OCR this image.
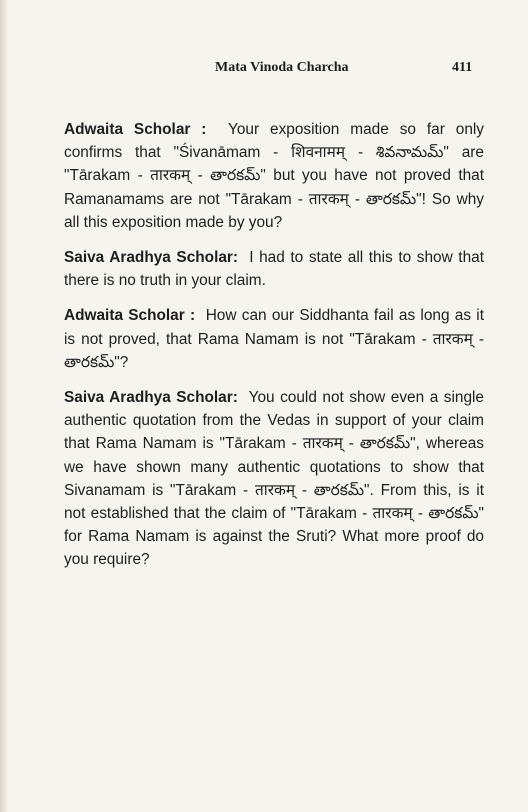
Mata Vinoda Charcha	411

Adwaita Scholar : Your exposition made so far only confirms that "Śivanāmam - शिवनामम् - శివనామమ్" are "Tārakam - तारकम् - తారకమ్" but you have not proved that Ramanamams are not "Tārakam - तारकम् - తారకమ్"! So why all this exposition made by you?

Saiva Aradhya Scholar: I had to state all this to show that there is no truth in your claim.

Adwaita Scholar : How can our Siddhanta fail as long as it is not proved, that Rama Namam is not "Tārakam - तारकम् - తారకమ్"?

Saiva Aradhya Scholar: You could not show even a single authentic quotation from the Vedas in support of your claim that Rama Namam is "Tārakam - तारकम् - తారకమ్", whereas we have shown many authentic quotations to show that Sivanamam is "Tārakam - तारकम् - తారకమ్". From this, is it not established that the claim of "Tārakam - तारकम् - తారకమ్" for Rama Namam is against the Sruti? What more proof do you require?
